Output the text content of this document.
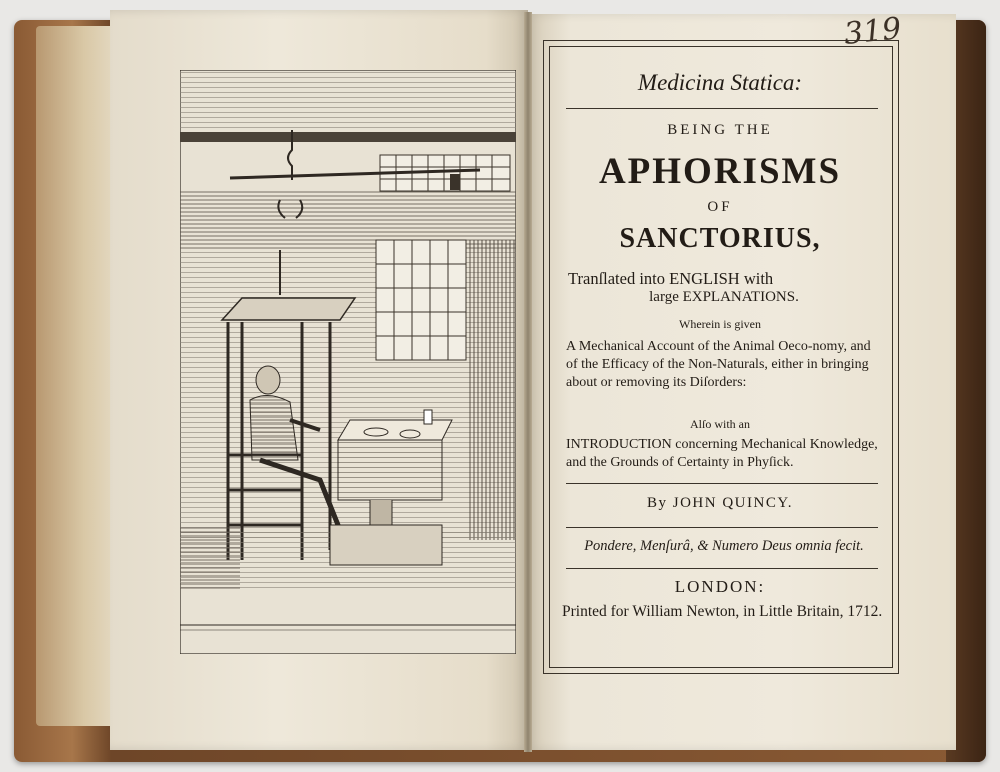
319

Medicina Statica:

BEING THE

APHORISMS

OF

SANCTORIUS,

Tranſlated into ENGLISH with

large EXPLANATIONS.

Wherein is given

A Mechanical Account of the Animal Oeco-nomy, and of the Efficacy of the Non-Naturals, either in bringing about or removing its Diſorders:

Alſo with an

INTRODUCTION concerning Mechanical Knowledge, and the Grounds of Certainty in Phyſick.

By JOHN QUINCY.

Pondere, Menſurâ, & Numero Deus omnia fecit.

LONDON:

Printed for William Newton, in Little Britain, 1712.
